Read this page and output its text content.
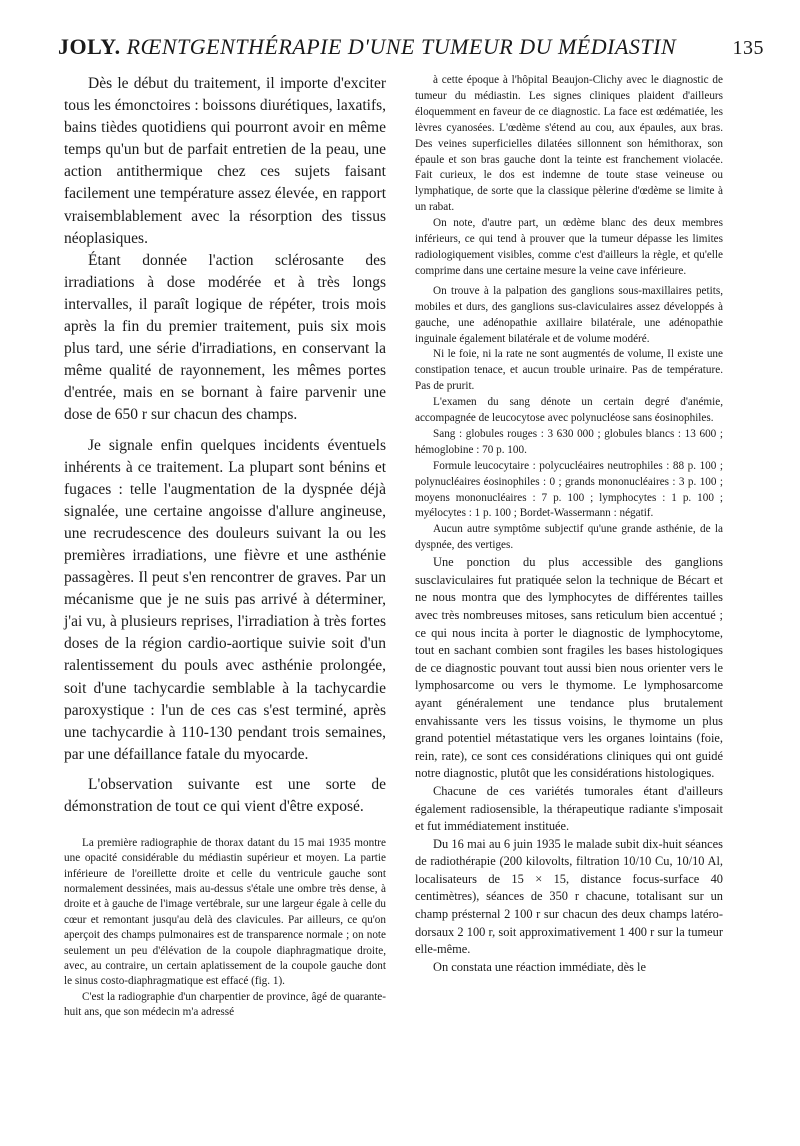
JOLY. RŒNTGENTHÉRAPIE D'UNE TUMEUR DU MÉDIASTIN	135

Dès le début du traitement, il importe d'exciter tous les émonctoires : boissons diurétiques, laxatifs, bains tièdes quotidiens qui pourront avoir en même temps qu'un but de parfait entretien de la peau, une action antithermique chez ces sujets faisant facilement une température assez élevée, en rapport vraisemblablement avec la résorption des tissus néoplasiques.

Étant donnée l'action sclérosante des irradiations à dose modérée et à très longs intervalles, il paraît logique de répéter, trois mois après la fin du premier traitement, puis six mois plus tard, une série d'irradiations, en conservant la même qualité de rayonnement, les mêmes portes d'entrée, mais en se bornant à faire parvenir une dose de 650 r sur chacun des champs.

Je signale enfin quelques incidents éventuels inhérents à ce traitement. La plupart sont bénins et fugaces : telle l'augmentation de la dyspnée déjà signalée, une certaine angoisse d'allure angineuse, une recrudescence des douleurs suivant la ou les premières irradiations, une fièvre et une asthénie passagères. Il peut s'en rencontrer de graves. Par un mécanisme que je ne suis pas arrivé à déterminer, j'ai vu, à plusieurs reprises, l'irradiation à très fortes doses de la région cardio-aortique suivie soit d'un ralentissement du pouls avec asthénie prolongée, soit d'une tachycardie semblable à la tachycardie paroxystique : l'un de ces cas s'est terminé, après une tachycardie à 110-130 pendant trois semaines, par une défaillance fatale du myocarde.

L'observation suivante est une sorte de démonstration de tout ce qui vient d'être exposé.

La première radiographie de thorax datant du 15 mai 1935 montre une opacité considérable du médiastin supérieur et moyen. La partie inférieure de l'oreillette droite et celle du ventricule gauche sont normalement dessinées, mais au-dessus s'étale une ombre très dense, à droite et à gauche de l'image vertébrale, sur une largeur égale à celle du cœur et remontant jusqu'au delà des clavicules. Par ailleurs, ce qu'on aperçoit des champs pulmonaires est de transparence normale ; on note seulement un peu d'élévation de la coupole diaphragmatique droite, avec, au contraire, un certain aplatissement de la coupole gauche dont le sinus costo-diaphragmatique est effacé (fig. 1).

C'est la radiographie d'un charpentier de province, âgé de quarante-huit ans, que son médecin m'a adressé

à cette époque à l'hôpital Beaujon-Clichy avec le diagnostic de tumeur du médiastin. Les signes cliniques plaident d'ailleurs éloquemment en faveur de ce diagnostic. La face est œdématiée, les lèvres cyanosées. L'œdème s'étend au cou, aux épaules, aux bras. Des veines superficielles dilatées sillonnent son hémithorax, son épaule et son bras gauche dont la teinte est franchement violacée. Fait curieux, le dos est indemne de toute stase veineuse ou lymphatique, de sorte que la classique pèlerine d'œdème se limite à un rabat.

On note, d'autre part, un œdème blanc des deux membres inférieurs, ce qui tend à prouver que la tumeur dépasse les limites radiologiquement visibles, comme c'est d'ailleurs la règle, et qu'elle comprime dans une certaine mesure la veine cave inférieure.

On trouve à la palpation des ganglions sous-maxillaires petits, mobiles et durs, des ganglions sus-claviculaires assez développés à gauche, une adénopathie axillaire bilatérale, une adénopathie inguinale également bilatérale et de volume modéré.

Ni le foie, ni la rate ne sont augmentés de volume, Il existe une constipation tenace, et aucun trouble urinaire. Pas de température. Pas de prurit.

L'examen du sang dénote un certain degré d'anémie, accompagnée de leucocytose avec polynucléose sans éosinophiles.

Sang : globules rouges : 3 630 000 ; globules blancs : 13 600 ; hémoglobine : 70 p. 100.

Formule leucocytaire : polycucléaires neutrophiles : 88 p. 100 ; polynucléaires éosinophiles : 0 ; grands mononucléaires : 3 p. 100 ; moyens mononucléaires : 7 p. 100 ; lymphocytes : 1 p. 100 ; myélocytes : 1 p. 100 ; Bordet-Wassermann : négatif.

Aucun autre symptôme subjectif qu'une grande asthénie, de la dyspnée, des vertiges.

Une ponction du plus accessible des ganglions susclaviculaires fut pratiquée selon la technique de Bécart et ne nous montra que des lymphocytes de différentes tailles avec très nombreuses mitoses, sans reticulum bien accentué ; ce qui nous incita à porter le diagnostic de lymphocytome, tout en sachant combien sont fragiles les bases histologiques de ce diagnostic pouvant tout aussi bien nous orienter vers le lymphosarcome ou vers le thymome. Le lymphosarcome ayant généralement une tendance plus brutalement envahissante vers les tissus voisins, le thymome un plus grand potentiel métastatique vers les organes lointains (foie, rein, rate), ce sont ces considérations cliniques qui ont guidé notre diagnostic, plutôt que les considérations histologiques.

Chacune de ces variétés tumorales étant d'ailleurs également radiosensible, la thérapeutique radiante s'imposait et fut immédiatement instituée.

Du 16 mai au 6 juin 1935 le malade subit dix-huit séances de radiothérapie (200 kilovolts, filtration 10/10 Cu, 10/10 Al, localisateurs de 15 × 15, distance focus-surface 40 centimètres), séances de 350 r chacune, totalisant sur un champ présternal 2 100 r sur chacun des deux champs latéro-dorsaux 2 100 r, soit approximativement 1 400 r sur la tumeur elle-même.

On constata une réaction immédiate, dès le
